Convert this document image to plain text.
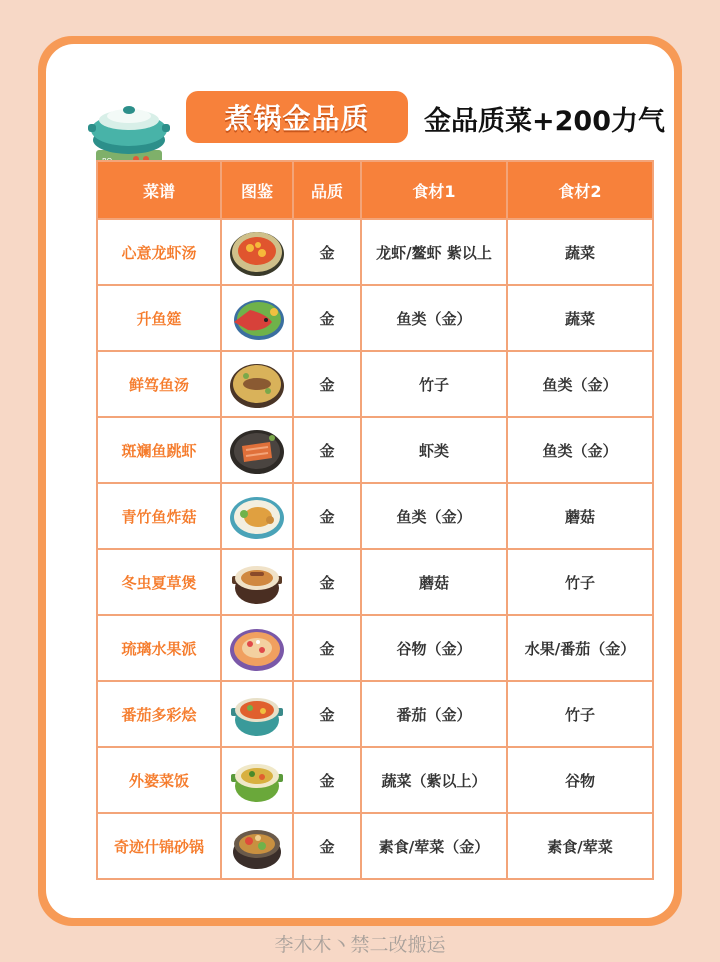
煮锅金品质	金品质菜+200力气
菜谱	图鉴	品质	食材1	食材2
心意龙虾汤		金	龙虾/鳌虾 紫以上	蔬菜
升鱼筵		金	鱼类（金）	蔬菜
鲜笃鱼汤		金	竹子	鱼类（金）
斑斓鱼跳虾		金	虾类	鱼类（金）
青竹鱼炸菇		金	鱼类（金）	蘑菇
冬虫夏草煲		金	蘑菇	竹子
琉璃水果派		金	谷物（金）	水果/番茄（金）
番茄多彩烩		金	番茄（金）	竹子
外婆菜饭		金	蔬菜（紫以上）	谷物
奇迹什锦砂锅		金	素食/荤菜（金）	素食/荤菜
李木木丶禁二改搬运
